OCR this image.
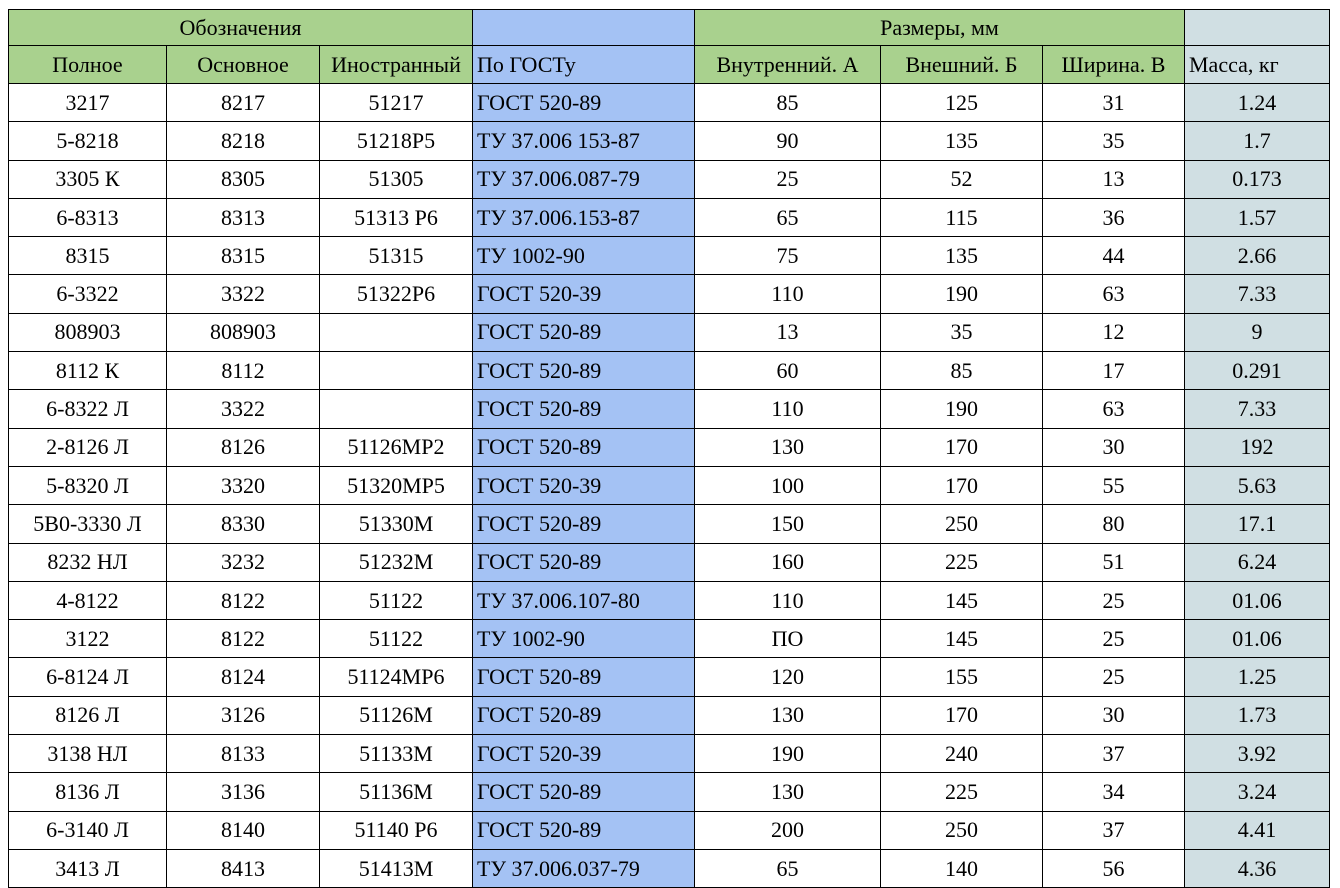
Обозначения				Размеры, мм			
Полное	Основное	Иностранный	По ГОСТу	Внутренний. А	Внешний. Б	Ширина. В	Масса, кг
3217	8217	51217	ГОСТ 520-89	85	125	31	1.24
5-8218	8218	51218P5	ТУ 37.006 153-87	90	135	35	1.7
3305 К	8305	51305	ТУ 37.006.087-79	25	52	13	0.173
6-8313	8313	51313 Р6	ТУ 37.006.153-87	65	115	36	1.57
8315	8315	51315	ТУ 1002-90	75	135	44	2.66
6-3322	3322	51322Р6	ГОСТ 520-39	110	190	63	7.33
808903	808903		ГОСТ 520-89	13	35	12	9
8112 К	8112		ГОСТ 520-89	60	85	17	0.291
6-8322 Л	3322		ГОСТ 520-89	110	190	63	7.33
2-8126 Л	8126	51126МР2	ГОСТ 520-89	130	170	30	192
5-8320 Л	3320	51320МР5	ГОСТ 520-39	100	170	55	5.63
5В0-3330 Л	8330	51330М	ГОСТ 520-89	150	250	80	17.1
8232 НЛ	3232	51232М	ГОСТ 520-89	160	225	51	6.24
4-8122	8122	51122	ТУ 37.006.107-80	110	145	25	01.06
3122	8122	51122	ТУ 1002-90	ПО	145	25	01.06
6-8124 Л	8124	51124МР6	ГОСТ 520-89	120	155	25	1.25
8126 Л	3126	51126М	ГОСТ 520-89	130	170	30	1.73
3138 НЛ	8133	51133М	ГОСТ 520-39	190	240	37	3.92
8136 Л	3136	51136М	ГОСТ 520-89	130	225	34	3.24
6-3140 Л	8140	51140 Р6	ГОСТ 520-89	200	250	37	4.41
3413 Л	8413	51413М	ТУ 37.006.037-79	65	140	56	4.36
